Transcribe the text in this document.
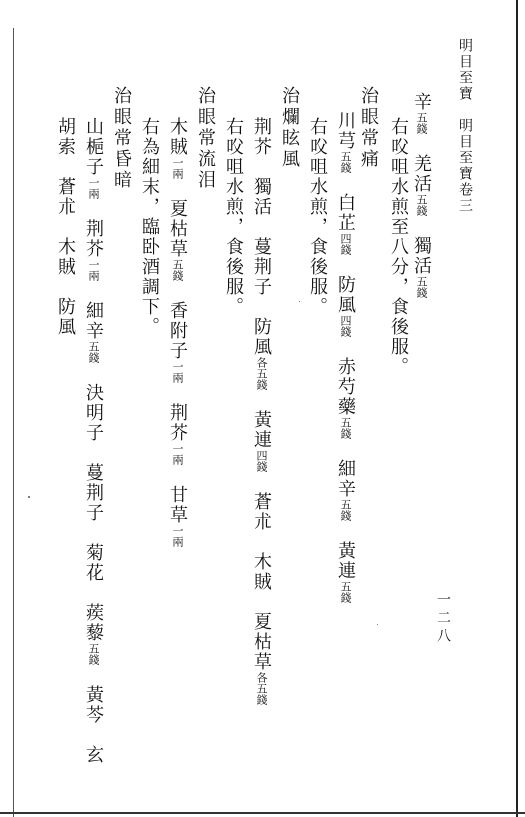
明目至寶　明目至寶卷三
一二八
辛五錢　羌活五錢　獨活五錢
右㕮咀水煎至八分，食後服。
治眼常痛
川芎五錢　白芷四錢　防風四錢　赤芍藥五錢　細辛五錢　黃連五錢
右㕮咀水煎，食後服。
治爛眩風
荆芥　獨活　蔓荆子　防風各五錢　黃連四錢　蒼朮　木賊　夏枯草各五錢
右㕮咀水煎，食後服。
治眼常流泪
木賊一兩　夏枯草五錢　香附子一兩　荆芥一兩　甘草一兩
右為細末，臨卧酒調下。
治眼常昏暗
山梔子一兩　荆芥一兩　細辛五錢　決明子　蔓荆子　菊花　蒺藜五錢　黃芩　玄
胡索　蒼朮　木賊　防風
